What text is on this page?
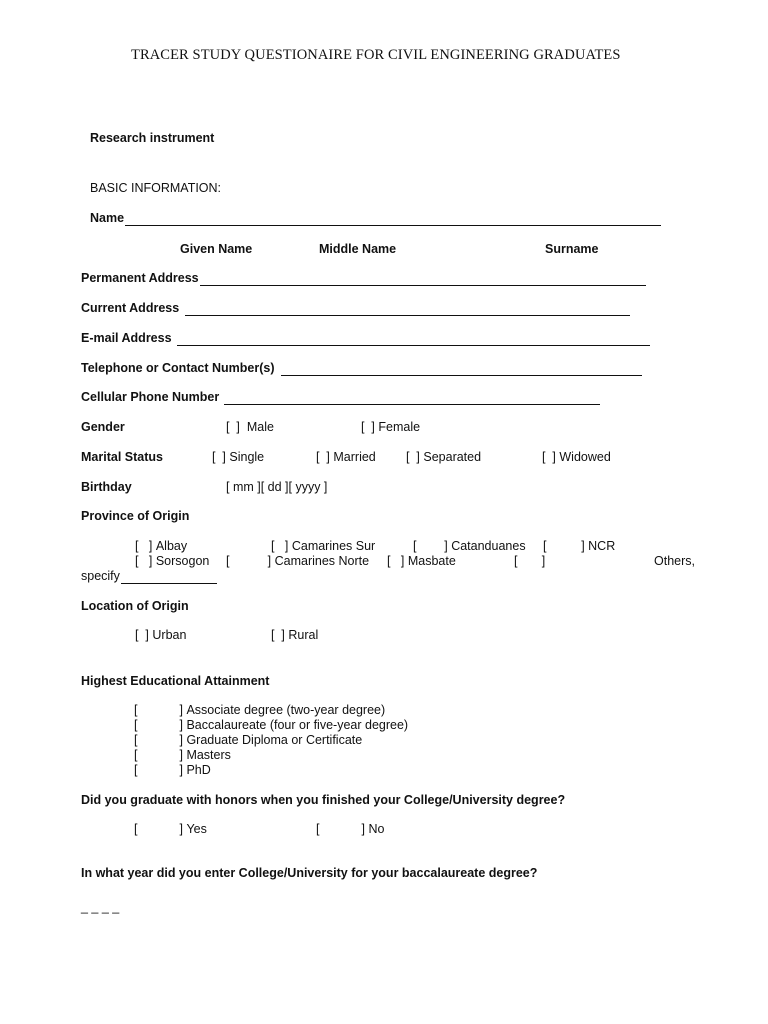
TRACER STUDY QUESTIONAIRE FOR CIVIL ENGINEERING GRADUATES
Research instrument
BASIC INFORMATION:
Name
Given Name	Middle Name	Surname
Permanent Address
Current Address
E-mail Address
Telephone or Contact Number(s)
Cellular Phone Number
Gender	[  ]  Male	[  ] Female
Marital Status	[  ] Single	[  ] Married [  ] Separated	[  ] Widowed
Birthday	[ mm ][ dd ][ yyyy ]
Province of Origin
[   ] Albay	[   ] Camarines Sur	[        ] Catanduanes [          ] NCR
[   ] Sorsogon [           ] Camarines Norte [   ] Masbate	[       ]	Others,
specify
Location of Origin
[  ] Urban	[  ] Rural
Highest Educational Attainment
[	] Associate degree (two-year degree)
[	] Baccalaureate (four or five-year degree)
[	] Graduate Diploma or Certificate
[	] Masters
[	] PhD
Did you graduate with honors when you finished your College/University degree?
[	] Yes	[	] No
In what year did you enter College/University for your baccalaureate degree?
_ _ _ _
